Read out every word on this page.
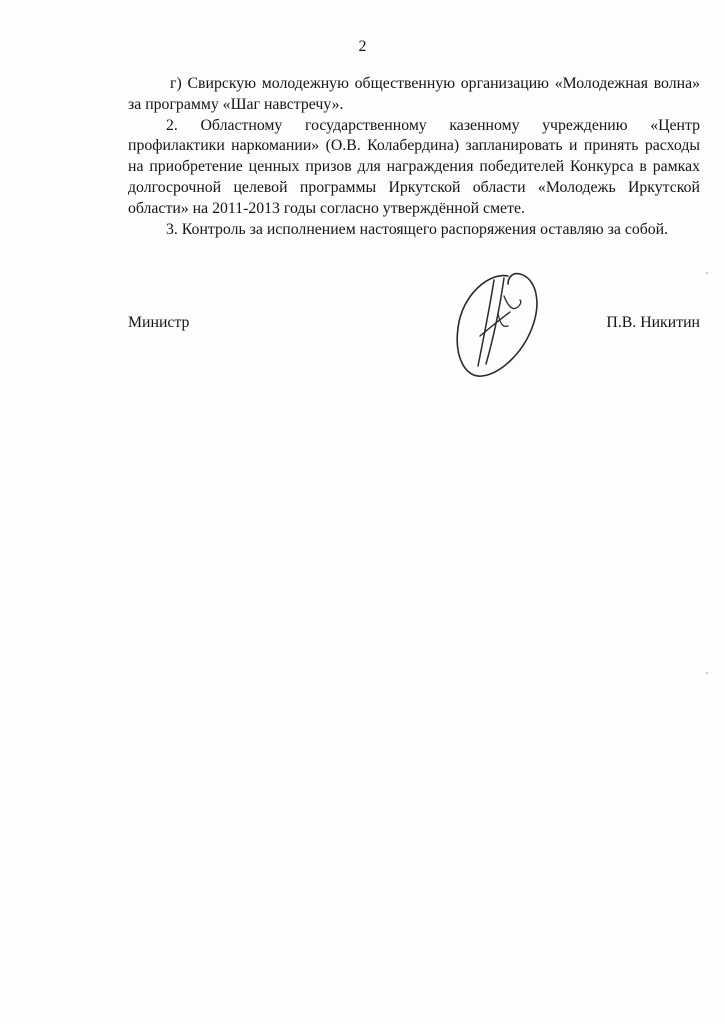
2

г) Свирскую молодежную общественную организацию «Молодежная волна» за программу «Шаг навстречу».

2. Областному государственному казенному учреждению «Центр профилактики наркомании» (О.В. Колабердина) запланировать и принять расходы на приобретение ценных призов для награждения победителей Конкурса в рамках долгосрочной целевой программы Иркутской области «Молодежь Иркутской области» на 2011-2013 годы согласно утверждённой смете.

3. Контроль за исполнением настоящего распоряжения оставляю за собой.

Министр	П.В. Никитин
